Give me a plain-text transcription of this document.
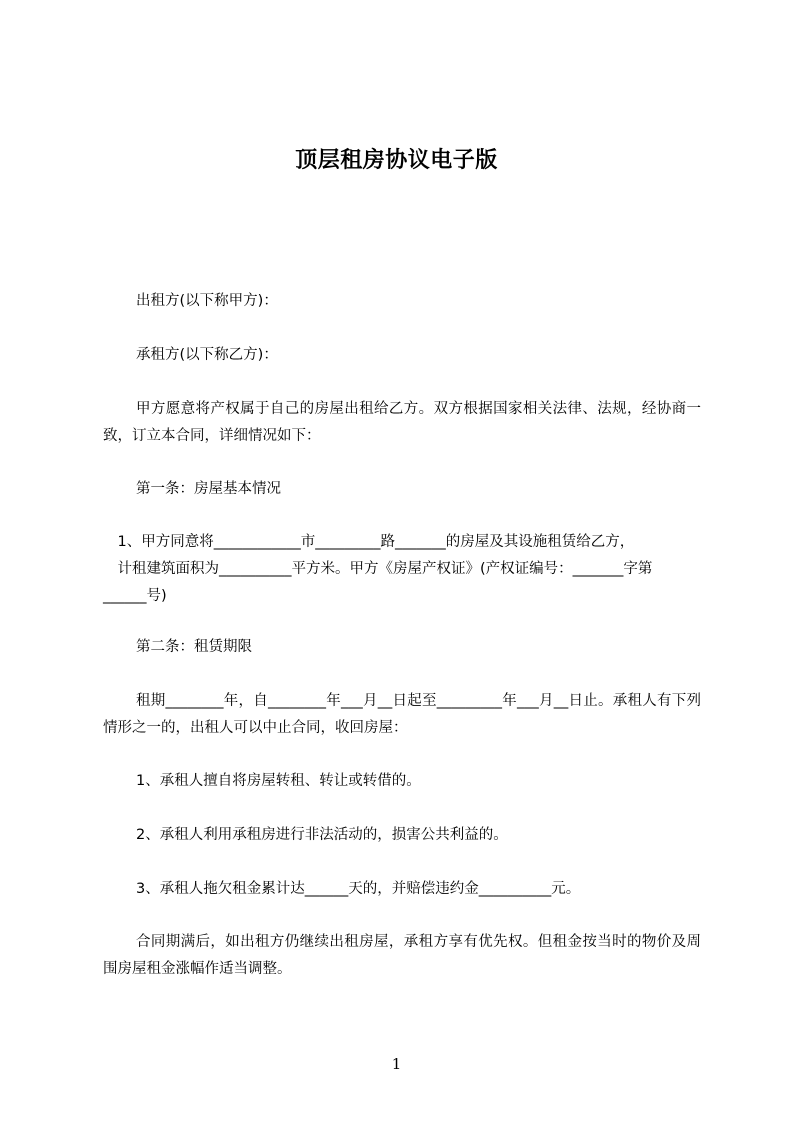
顶层租房协议电子版

出租方(以下称甲方)：

承租方(以下称乙方)：

甲方愿意将产权属于自己的房屋出租给乙方。双方根据国家相关法律、法规，经协商一致，订立本合同，详细情况如下：

第一条：房屋基本情况

　1、甲方同意将____________市_________路_______的房屋及其设施租赁给乙方，
　计租建筑面积为__________平方米。甲方《房屋产权证》(产权证编号：_______字第
______号)

第二条：租赁期限

租期________年，自________年___月__日起至_________年___月__日止。承租人有下列情形之一的，出租人可以中止合同，收回房屋：

1、承租人擅自将房屋转租、转让或转借的。

2、承租人利用承租房进行非法活动的，损害公共利益的。

3、承租人拖欠租金累计达______天的，并赔偿违约金__________元。

合同期满后，如出租方仍继续出租房屋，承租方享有优先权。但租金按当时的物价及周围房屋租金涨幅作适当调整。

1
